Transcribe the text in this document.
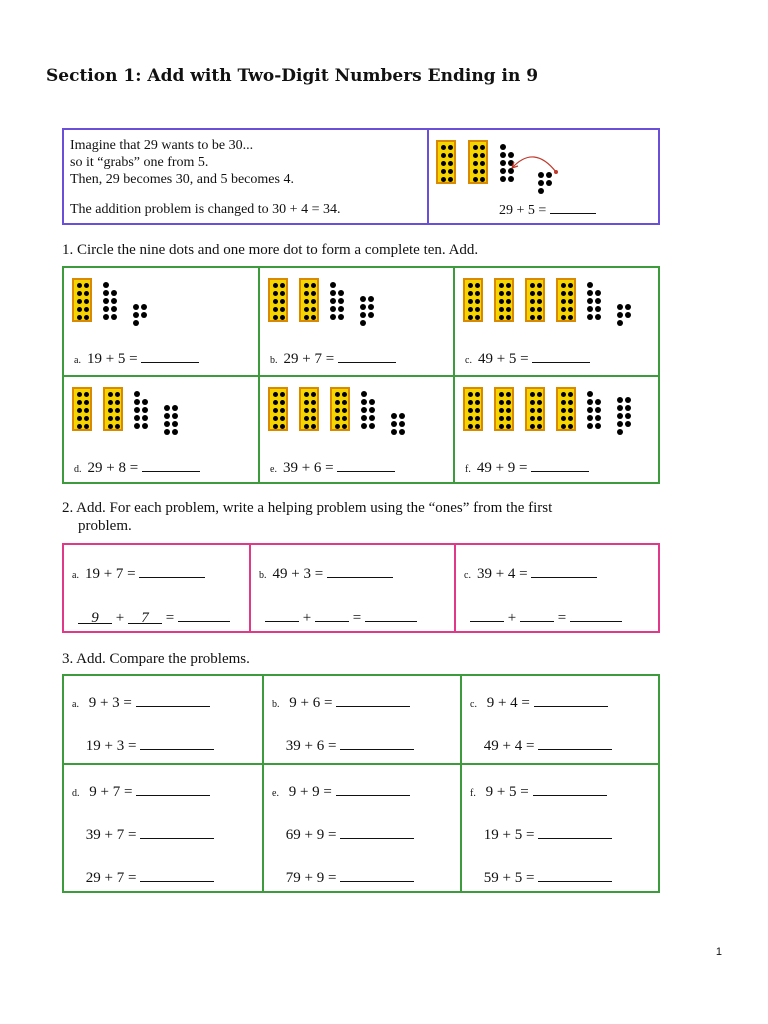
Section 1: Add with Two-Digit Numbers Ending in 9
Imagine that 29 wants to be 30...
so it “grabs” one from 5.
Then, 29 becomes 30, and 5 becomes 4.
The addition problem is changed to 30 + 4 = 34.	29 + 5 =
1. Circle the nine dots and one more dot to form a complete ten. Add.
a. 19 + 5 =	b. 29 + 7 =	c. 49 + 5 =
d. 29 + 8 =	e. 39 + 6 =	f. 49 + 9 =
2. Add. For each problem, write a helping problem using the “ones” from the first
problem.
a. 19 + 7 =
9 + 7 =
b. 49 + 3 =
+  =
c. 39 + 4 =
+  =
3. Add. Compare the problems.
a. 9 + 3 =
19 + 3 =
b. 9 + 6 =
39 + 6 =
c. 9 + 4 =
49 + 4 =
d. 9 + 7 =
39 + 7 =
29 + 7 =
e. 9 + 9 =
69 + 9 =
79 + 9 =
f. 9 + 5 =
19 + 5 =
59 + 5 =
1
